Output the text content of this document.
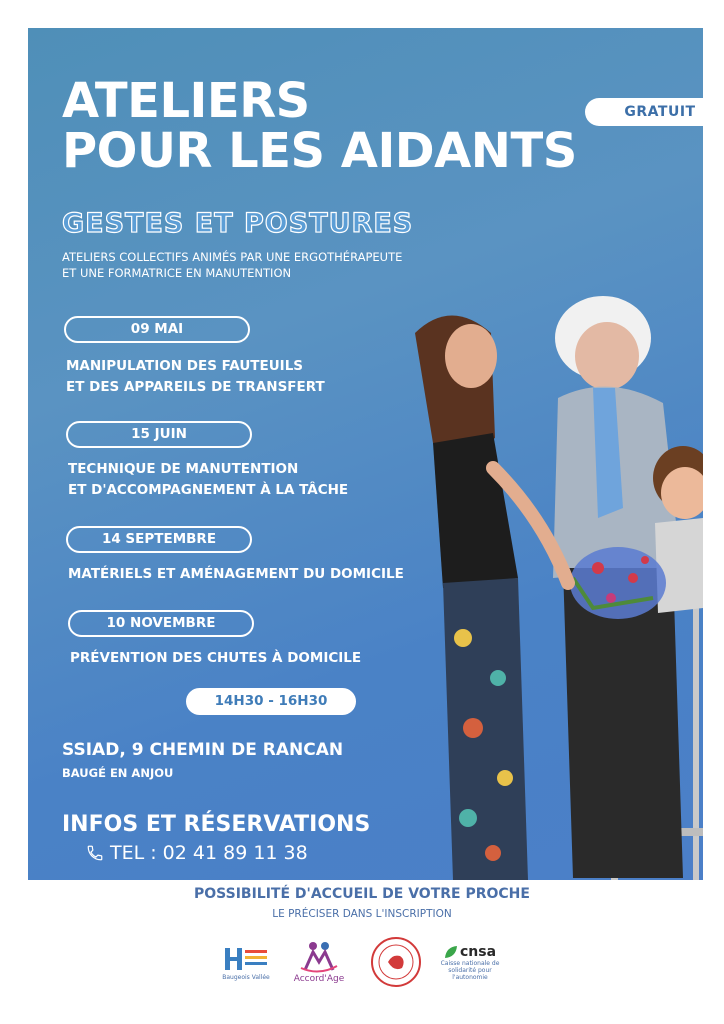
GRATUIT
ATELIERS
POUR LES AIDANTS
GESTES ET POSTURES
ATELIERS COLLECTIFS ANIMÉS PAR UNE ERGOTHÉRAPEUTE
ET UNE FORMATRICE EN MANUTENTION
09 MAI
MANIPULATION DES FAUTEUILS
ET DES APPAREILS DE TRANSFERT
15 JUIN
TECHNIQUE DE MANUTENTION
ET D'ACCOMPAGNEMENT À LA TÂCHE
14 SEPTEMBRE
MATÉRIELS ET AMÉNAGEMENT DU DOMICILE
10 NOVEMBRE
PRÉVENTION DES CHUTES À DOMICILE
14H30 - 16H30
SSIAD, 9 CHEMIN DE RANCAN
BAUGÉ EN ANJOU
INFOS ET RÉSERVATIONS
TEL : 02 41 89 11 38
POSSIBILITÉ D'ACCUEIL DE VOTRE PROCHE
LE PRÉCISER DANS L'INSCRIPTION
Baugeois Vallée	Accord'Age
cnsa
Caisse nationale de
solidarité pour l'autonomie
